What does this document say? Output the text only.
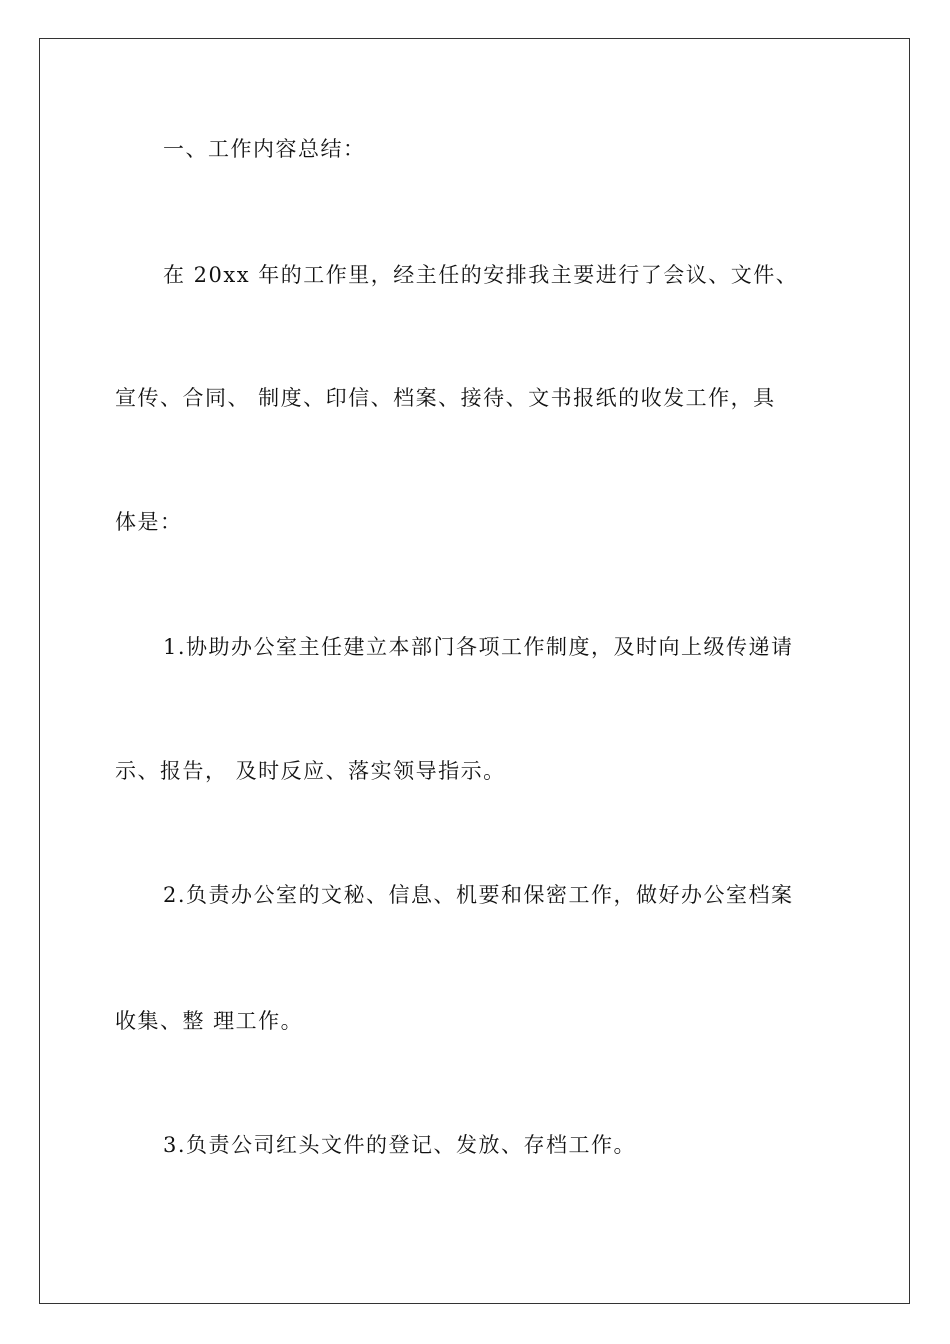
一、工作内容总结：
在 20xx 年的工作里，经主任的安排我主要进行了会议、文件、
宣传、合同、 制度、印信、档案、接待、文书报纸的收发工作，具
体是：
1.协助办公室主任建立本部门各项工作制度，及时向上级传递请
示、报告， 及时反应、落实领导指示。
2.负责办公室的文秘、信息、机要和保密工作，做好办公室档案
收集、整 理工作。
3.负责公司红头文件的登记、发放、存档工作。
